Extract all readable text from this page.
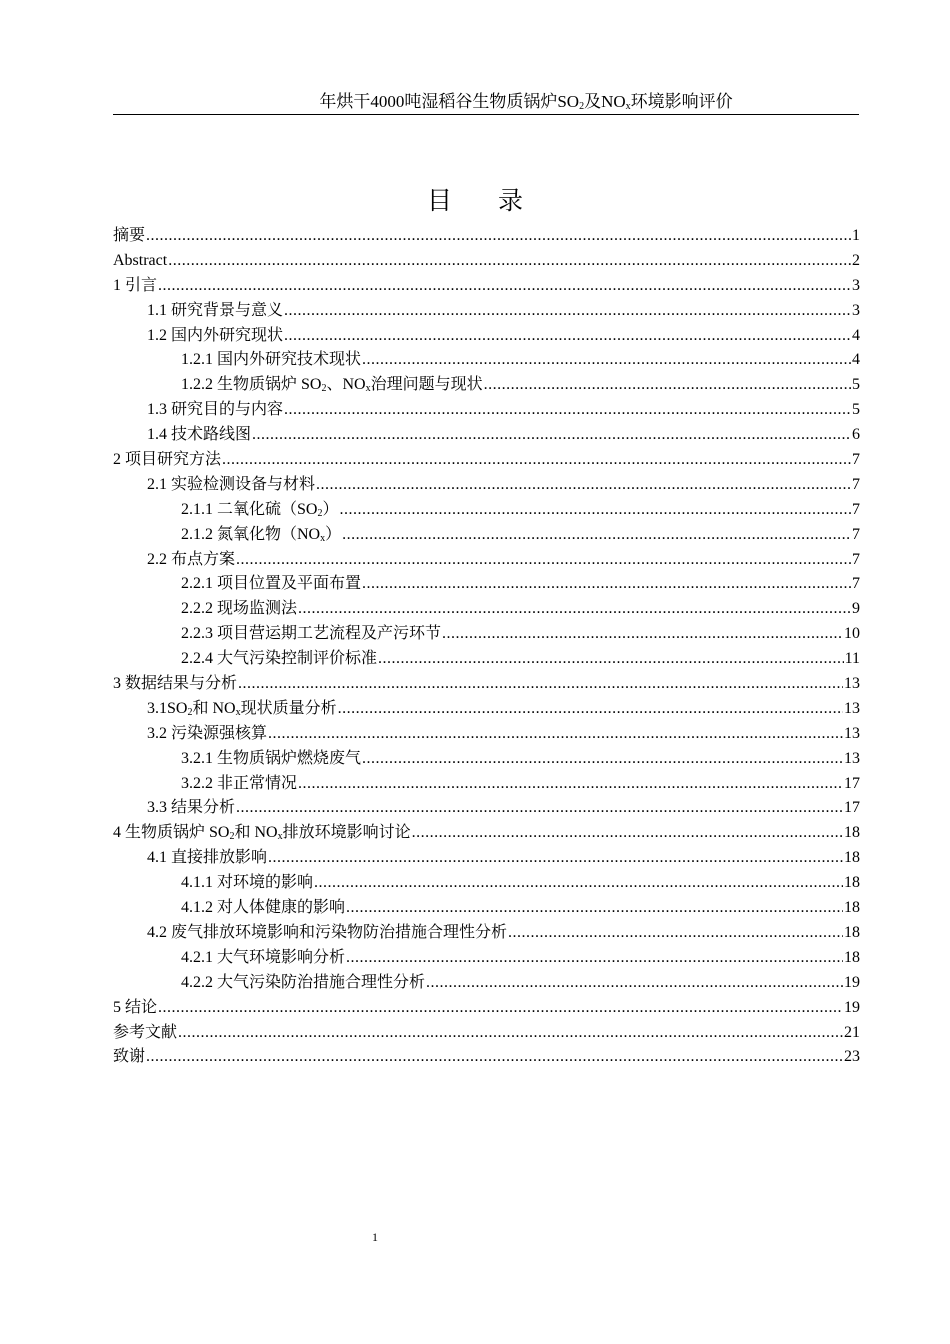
年烘干4000吨湿稻谷生物质锅炉$SO_2$及$NO_x$环境影响评价
目 录
摘要 .....	1
Abstract .....	2
1 引言 .....	3
1.1 研究背景与意义 .....	3
1.2 国内外研究现状 .....	4
1.2.1 国内外研究技术现状 .....	4
1.2.2 生物质锅炉 $SO_2$、$NO_x$治理问题与现状 .....	5
1.3 研究目的与内容 .....	5
1.4 技术路线图 .....	6
2 项目研究方法 .....	7
2.1 实验检测设备与材料 .....	7
2.1.1 二氧化硫$(SO_2)$ .....	7
2.1.2 氮氧化物$(NO_x)$ .....	7
2.2 布点方案 .....	7
2.2.1 项目位置及平面布置 .....	7
2.2.2 现场监测法 .....	9
2.2.3 项目营运期工艺流程及产污环节 .....	10
2.2.4 大气污染控制评价标准 .....	11
3 数据结果与分析 .....	13
$3.1SO_2$和 $NO_x$现状质量分析 .....	13
3.2 污染源强核算 .....	13
3.2.1 生物质锅炉燃烧废气 .....	13
3.2.2 非正常情况 .....	17
3.3 结果分析 .....	17
4 生物质锅炉 $SO_2$和 $NO_x$排放环境影响讨论 .....	18
4.1 直接排放影响 .....	18
4.1.1 对环境的影响 .....	18
4.1.2 对人体健康的影响 .....	18
4.2 废气排放环境影响和污染物防治措施合理性分析 .....	18
4.2.1 大气环境影响分析 .....	18
4.2.2 大气污染防治措施合理性分析 .....	19
5 结论 .....	19
参考文献 .....	21
致谢 .....	23
1
